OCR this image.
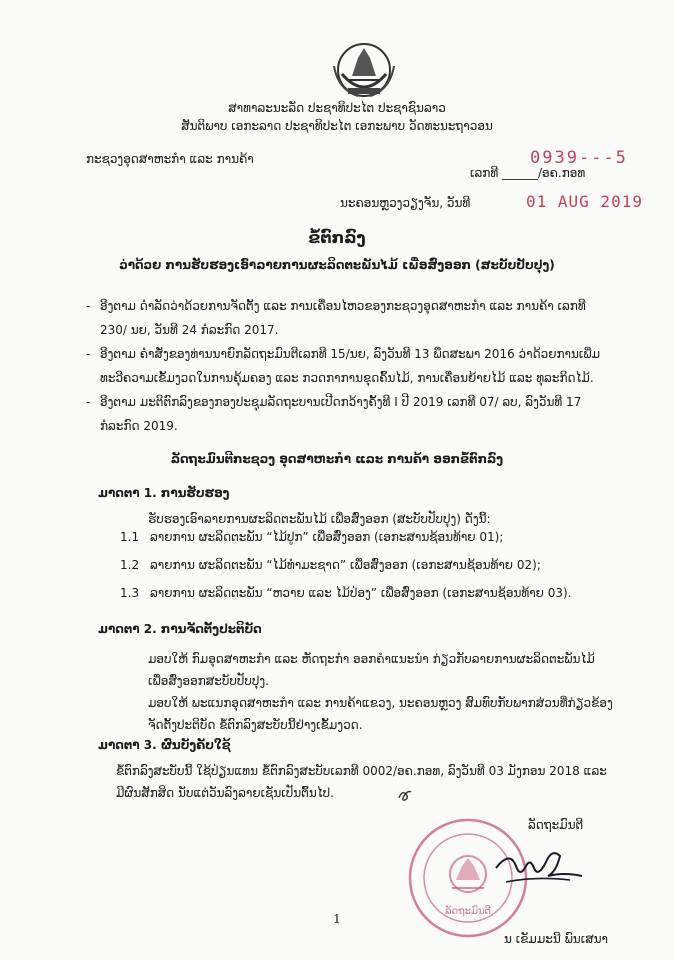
ສາທາລະນະລັດ ປະຊາທິປະໄຕ ປະຊາຊົນລາວ
ສັນຕິພາບ ເອກະລາດ ປະຊາທິປະໄຕ ເອກະພາບ ວັດທະນະຖາວອນ
ກະຊວງອຸດສາຫະກຳ ແລະ ການຄ້າ	0939---5
ເລກທີ ______/ອຄ.ກອທ
ນະຄອນຫຼວງວຽງຈັນ, ວັນທີ	01 AUG 2019
ຂໍ້ຕົກລົງ
ວ່າດ້ວຍ ການຮັບຮອງເອົາລາຍການຜະລິດຕະພັນໄມ້ ເພື່ອສົ່ງອອກ (ສະບັບປັບປຸງ)
- ອີງຕາມ ດຳລັດວ່າດ້ວຍການຈັດຕັ້ງ ແລະ ການເຄື່ອນໄຫວຂອງກະຊວງອຸດສາຫະກຳ ແລະ ການຄ້າ ເລກທີ 230/ ນຍ, ວັນທີ 24 ກໍລະກົດ 2017.
- ອີງຕາມ ຄຳສັ່ງຂອງທ່ານນາຍົກລັດຖະມົນຕີເລກທີ 15/ນຍ, ລົງວັນທີ 13 ພຶດສະພາ 2016 ວ່າດ້ວຍການເພີ່ມທະວີຄວາມເຂັ້ມງວດໃນການຄຸ້ມຄອງ ແລະ ກວດກາການຂຸດຄົ້ນໄມ້, ການເຄື່ອນຍ້າຍໄມ້ ແລະ ທຸລະກິດໄມ້.
- ອີງຕາມ ມະຕິຕົກລົງຂອງກອງປະຊຸມລັດຖະບານເປີດກວ້າງຄັ້ງທີ I ປີ 2019 ເລກທີ 07/ ລບ, ລົງວັນທີ 17 ກໍລະກົດ 2019.
ລັດຖະມົນຕີກະຊວງ ອຸດສາຫະກຳ ແລະ ການຄ້າ ອອກຂໍ້ຕົກລົງ
ມາດຕາ 1. ການຮັບຮອງ
ຮັບຮອງເອົາລາຍການຜະລິດຕະພັນໄມ້ ເພື່ອສົ່ງອອກ (ສະບັບປັບປຸງ) ດັ່ງນີ້:
1.1 ລາຍການ ຜະລິດຕະພັນ “ໄມ້ປູກ” ເພື່ອສົ່ງອອກ (ເອກະສານຊ້ອນທ້າຍ 01);
1.2 ລາຍການ ຜະລິດຕະພັນ “ໄມ້ທຳມະຊາດ” ເພື່ອສົ່ງອອກ (ເອກະສານຊ້ອນທ້າຍ 02);
1.3 ລາຍການ ຜະລິດຕະພັນ “ຫວາຍ ແລະ ໄມ້ປ່ອງ” ເພື່ອສົ່ງອອກ (ເອກະສານຊ້ອນທ້າຍ 03).
ມາດຕາ 2. ການຈັດຕັ້ງປະຕິບັດ
ມອບໃຫ້ ກົມອຸດສາຫະກຳ ແລະ ຫັດຖະກຳ ອອກຄຳແນະນຳ ກ່ຽວກັບລາຍການຜະລິດຕະພັນໄມ້ ເພື່ອສົ່ງອອກສະບັບປັບປຸງ.
ມອບໃຫ້ ພະແນກອຸດສາຫະກຳ ແລະ ການຄ້າແຂວງ, ນະຄອນຫຼວງ ສົມທົບກັບພາກສ່ວນທີ່ກ່ຽວຂ້ອງ ຈັດຕັ້ງປະຕິບັດ ຂໍ້ຕົກລົງສະບັບນີ້ຢ່າງເຂັ້ມງວດ.
ມາດຕາ 3. ຜົນບັງຄັບໃຊ້
ຂໍ້ຕົກລົງສະບັບນີ້ ໃຊ້ປ່ຽນແທນ ຂໍ້ຕົກລົງສະບັບເລກທີ 0002/ອຄ.ກອທ, ລົງວັນທີ 03 ມັງກອນ 2018 ແລະ ມີຜົນສັກສິດ ນັບແຕ່ວັນລົງລາຍເຊັນເປັນຕົ້ນໄປ.
ລັດຖະມົນຕີ
ລັດຖະມົນຕີ
1
ນ ເຂັມມະນີ ພົນເສນາ
